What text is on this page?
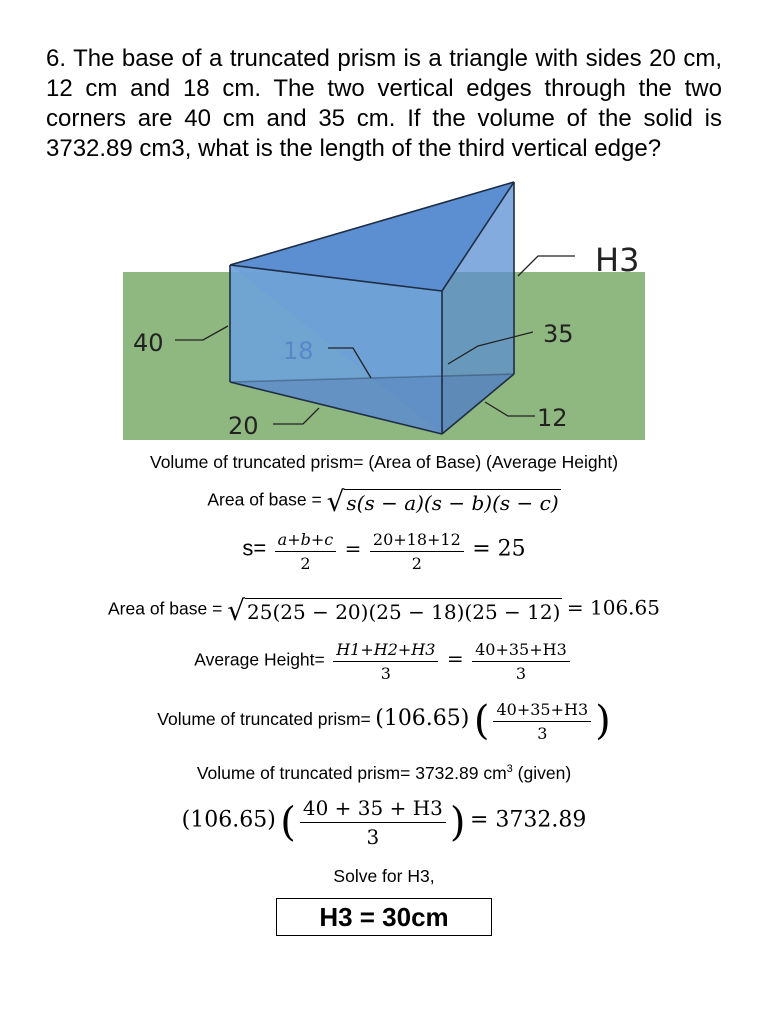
6. The base of a truncated prism is a triangle with sides 20 cm, 12 cm and 18 cm. The two vertical edges through the two corners are 40 cm and 35 cm. If the volume of the solid is 3732.89 cm3, what is the length of the third vertical edge?
H3
40	18
35
20	12
Volume of truncated prism= (Area of Base) (Average Height)
Area of base = √ s(s − a)(s − b)(s − c)
$s= \frac{a+b+c}{2} = \frac{20+18+12}{2} = 25$
Area of base = √ 25(25 − 20)(25 − 18)(25 − 12) = 106.65
Average Height= $\frac{H1+H2+H3}{3} = \frac{40+35+H3}{3}$
Volume of truncated prism= (106.65) ( $\frac{40+35+H3}{3}$ )
Volume of truncated prism= 3732.89 $cm^3$ (given)
(106.65) ( $\frac{40 + 35 + H3}{3}$ ) = 3732.89
Solve for H3,
H3 = 30cm
